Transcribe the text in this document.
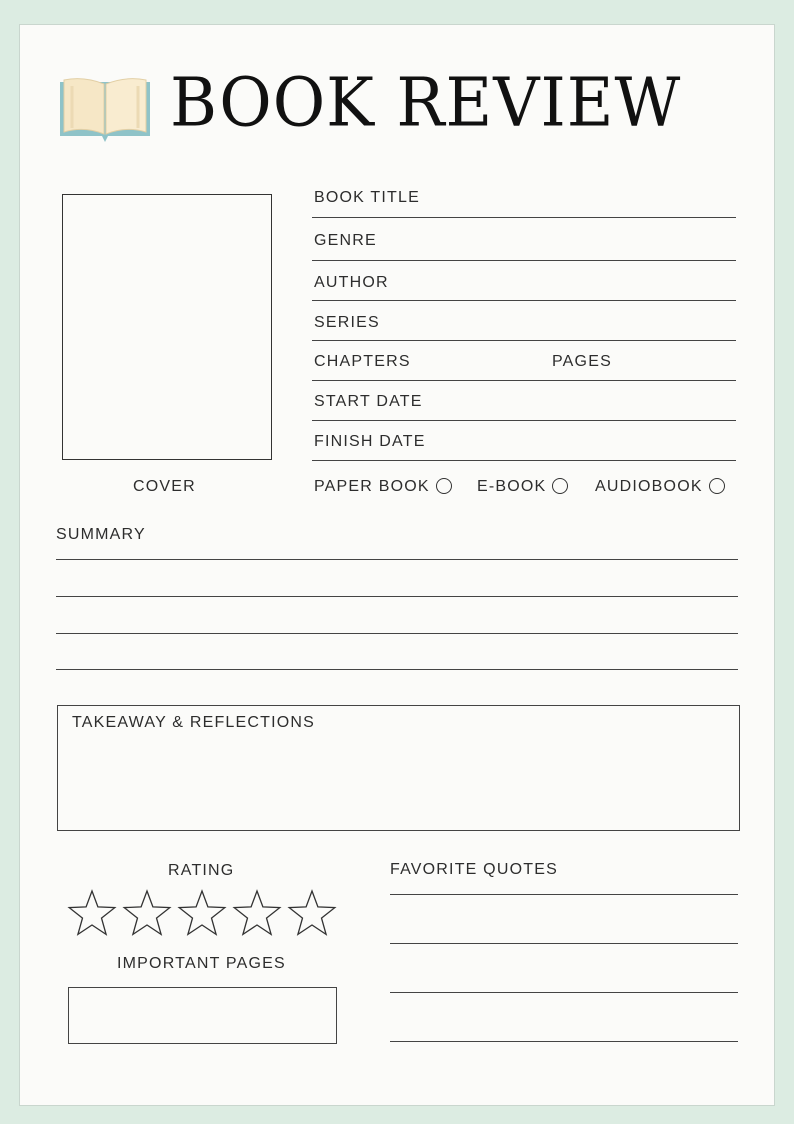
BOOK REVIEW
COVER
BOOK TITLE
GENRE
AUTHOR
SERIES
CHAPTERS	PAGES
START DATE
FINISH DATE
PAPER BOOK	E-BOOK	AUDIOBOOK
SUMMARY
TAKEAWAY & REFLECTIONS
RATING
IMPORTANT PAGES
FAVORITE QUOTES
